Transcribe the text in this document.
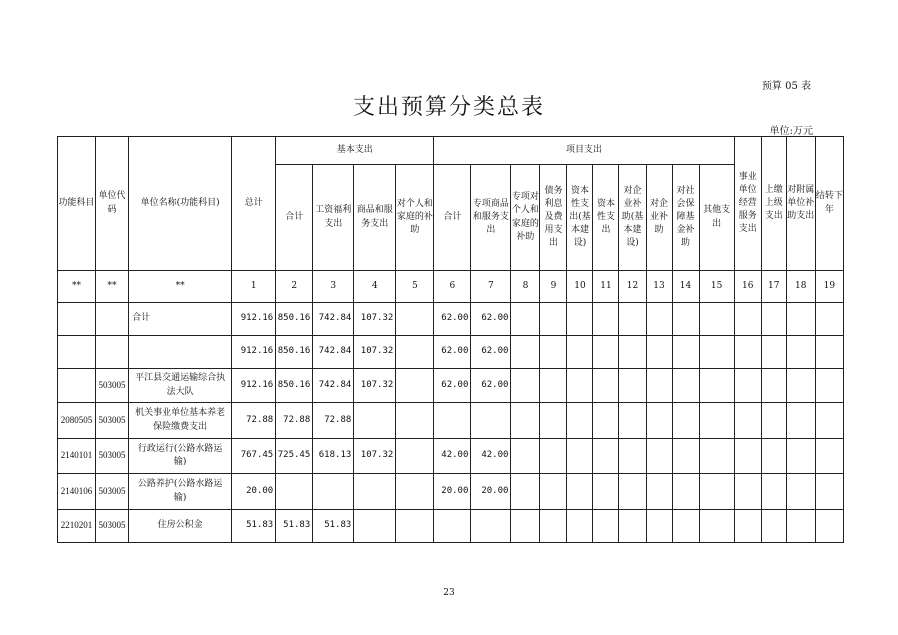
预算 05 表
支出预算分类总表
单位:万元
功能科目	单位代码	单位名称(功能科目)	总计	基本支出				项目支出										事业单位经营服务支出	上缴上级支出	对附属单位补助支出	结转下年
				合计	工资福利支出	商品和服务支出	对个人和家庭的补助	合计	专项商品和服务支出	专项对个人和家庭的补助	债务利息及费用支出	资本性支出(基本建设)	资本性支出	对企业补助(基本建设)	对企业补助	对社会保障基金补助	其他支出				
**	**	**	1	2	3	4	5	6	7	8	9	10	11	12	13	14	15	16	17	18	19
		合计	912.16	850.16	742.84	107.32		62.00	62.00												
			912.16	850.16	742.84	107.32		62.00	62.00												
	503005	平江县交通运输综合执法大队	912.16	850.16	742.84	107.32		62.00	62.00												
2080505	503005	机关事业单位基本养老保险缴费支出	72.88	72.88	72.88																
2140101	503005	行政运行(公路水路运输)	767.45	725.45	618.13	107.32		42.00	42.00												
2140106	503005	公路养护(公路水路运输)	20.00					20.00	20.00												
2210201	503005	住房公积金	51.83	51.83	51.83																
23
